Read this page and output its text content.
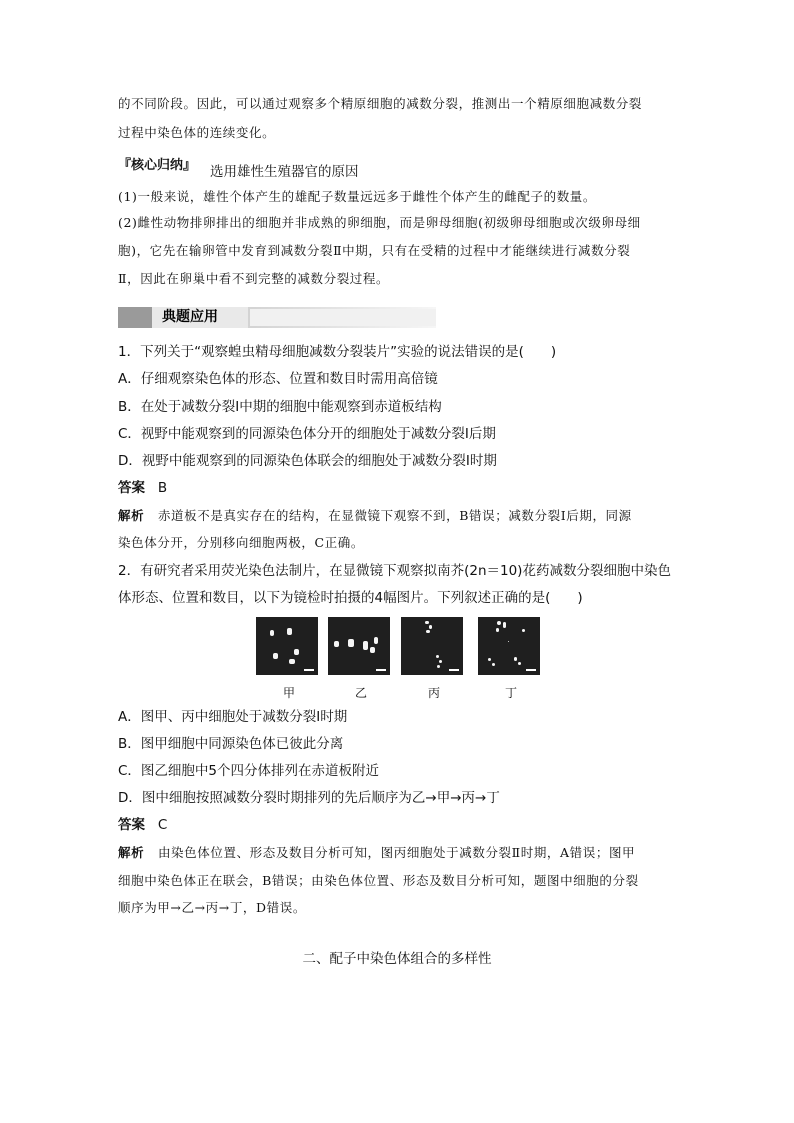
的不同阶段。因此，可以通过观察多个精原细胞的减数分裂，推测出一个精原细胞减数分裂
过程中染色体的连续变化。
『核心归纳』 选用雄性生殖器官的原因
(1)一般来说，雄性个体产生的雄配子数量远远多于雌性个体产生的雌配子的数量。
(2)雌性动物排卵排出的细胞并非成熟的卵细胞，而是卵母细胞(初级卵母细胞或次级卵母细
胞)，它先在输卵管中发育到减数分裂Ⅱ中期，只有在受精的过程中才能继续进行减数分裂
Ⅱ，因此在卵巢中看不到完整的减数分裂过程。
典题应用
1．下列关于“观察蝗虫精母细胞减数分裂装片”实验的说法错误的是(　　)
A．仔细观察染色体的形态、位置和数目时需用高倍镜
B．在处于减数分裂Ⅰ中期的细胞中能观察到赤道板结构
C．视野中能观察到的同源染色体分开的细胞处于减数分裂Ⅰ后期
D．视野中能观察到的同源染色体联会的细胞处于减数分裂Ⅰ时期
答案 B
解析 赤道板不是真实存在的结构，在显微镜下观察不到，B错误；减数分裂Ⅰ后期，同源
染色体分开，分别移向细胞两极，C正确。
2．有研究者采用荧光染色法制片，在显微镜下观察拟南芥(2n＝10)花药减数分裂细胞中染色
体形态、位置和数目，以下为镜检时拍摄的4幅图片。下列叙述正确的是(　　)
甲	乙	丙	丁
A．图甲、丙中细胞处于减数分裂Ⅰ时期
B．图甲细胞中同源染色体已彼此分离
C．图乙细胞中5个四分体排列在赤道板附近
D．图中细胞按照减数分裂时期排列的先后顺序为乙→甲→丙→丁
答案 C
解析 由染色体位置、形态及数目分析可知，图丙细胞处于减数分裂Ⅱ时期，A错误；图甲
细胞中染色体正在联会，B错误；由染色体位置、形态及数目分析可知，题图中细胞的分裂
顺序为甲→乙→丙→丁，D错误。
二、配子中染色体组合的多样性
